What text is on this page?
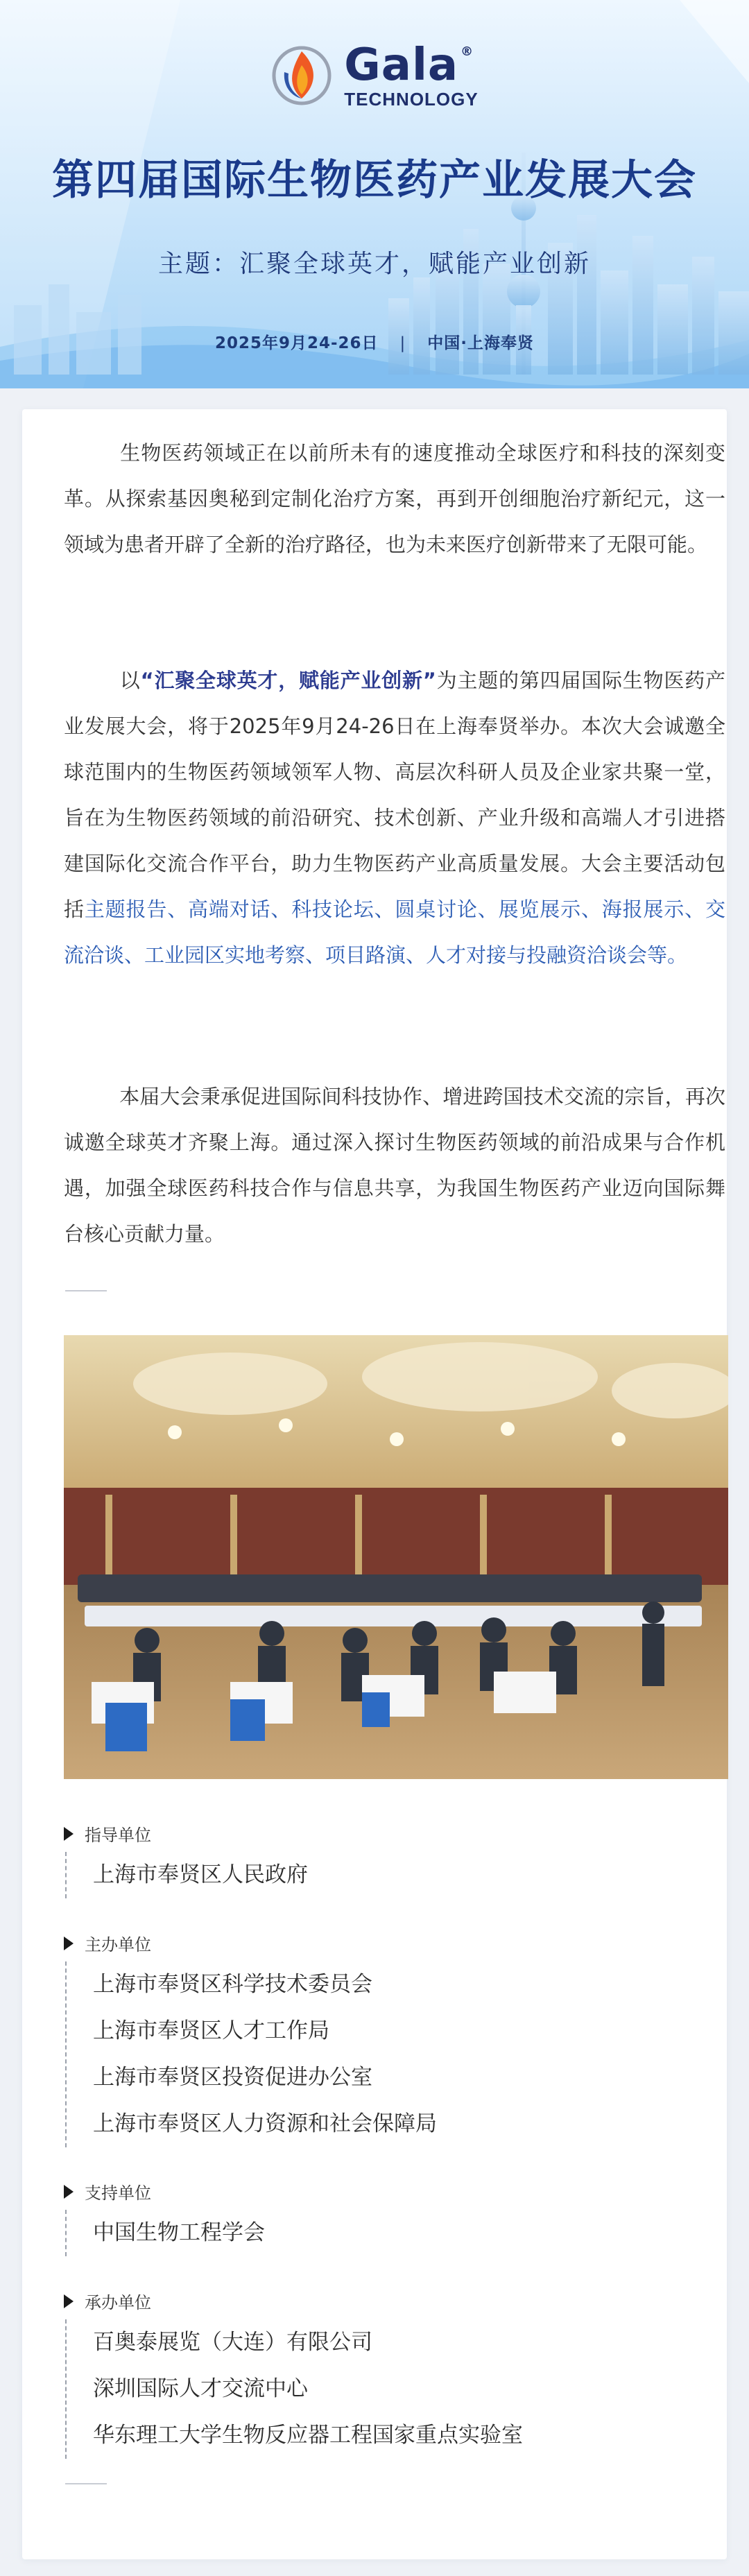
Gala ®
TECHNOLOGY
第四届国际生物医药产业发展大会
主题：汇聚全球英才，赋能产业创新
2025年9月24-26日 | 中国·上海奉贤

生物医药领域正在以前所未有的速度推动全球医疗和科技的深刻变革。从探索基因奥秘到定制化治疗方案，再到开创细胞治疗新纪元，这一领域为患者开辟了全新的治疗路径，也为未来医疗创新带来了无限可能。

以“汇聚全球英才，赋能产业创新”为主题的第四届国际生物医药产业发展大会，将于2025年9月24-26日在上海奉贤举办。本次大会诚邀全球范围内的生物医药领域领军人物、高层次科研人员及企业家共聚一堂，旨在为生物医药领域的前沿研究、技术创新、产业升级和高端人才引进搭建国际化交流合作平台，助力生物医药产业高质量发展。大会主要活动包括主题报告、高端对话、科技论坛、圆桌讨论、展览展示、海报展示、交流洽谈、工业园区实地考察、项目路演、人才对接与投融资洽谈会等。

本届大会秉承促进国际间科技协作、增进跨国技术交流的宗旨，再次诚邀全球英才齐聚上海。通过深入探讨生物医药领域的前沿成果与合作机遇，加强全球医药科技合作与信息共享，为我国生物医药产业迈向国际舞台核心贡献力量。

指导单位
上海市奉贤区人民政府
主办单位
上海市奉贤区科学技术委员会
上海市奉贤区人才工作局
上海市奉贤区投资促进办公室
上海市奉贤区人力资源和社会保障局
支持单位
中国生物工程学会
承办单位
百奥泰展览（大连）有限公司
深圳国际人才交流中心
华东理工大学生物反应器工程国家重点实验室
